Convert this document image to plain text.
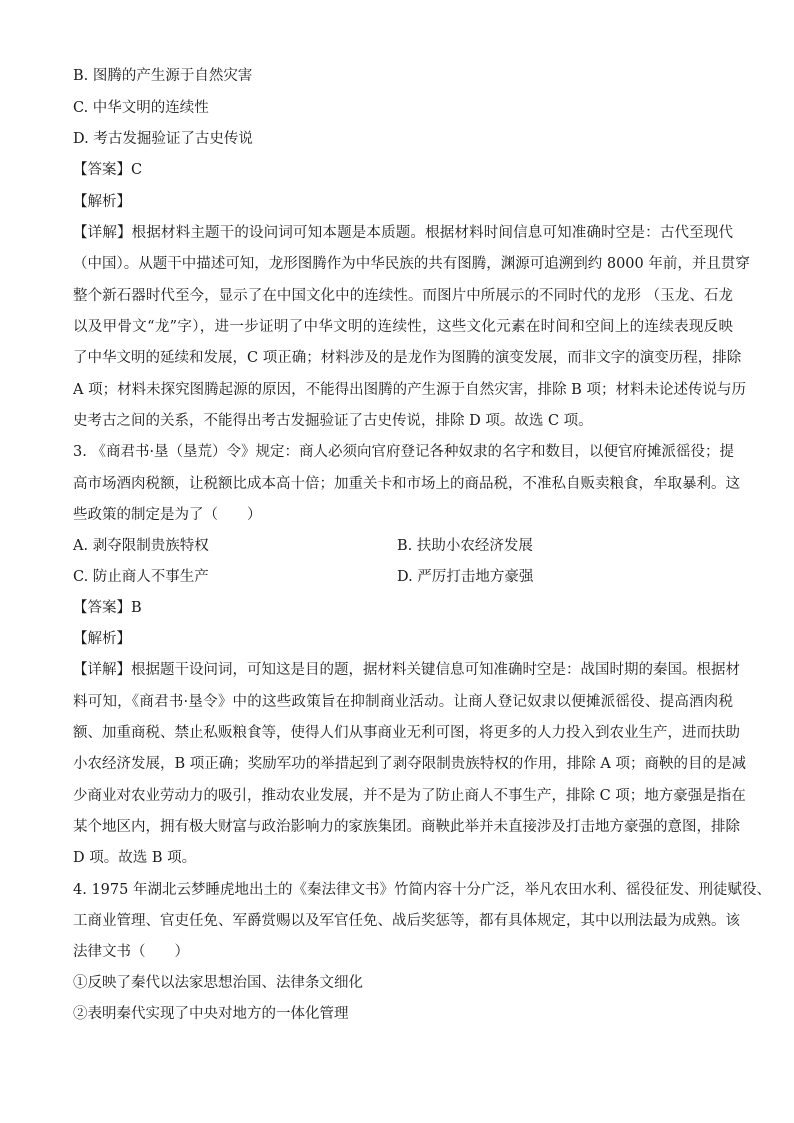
B. 图腾的产生源于自然灾害
C. 中华文明的连续性
D. 考古发掘验证了古史传说
【答案】C
【解析】
【详解】根据材料主题干的设问词可知本题是本质题。根据材料时间信息可知准确时空是：古代至现代
（中国）。从题干中描述可知，龙形图腾作为中华民族的共有图腾，渊源可追溯到约 8000 年前，并且贯穿
整个新石器时代至今，显示了在中国文化中的连续性。而图片中所展示的不同时代的龙形 （玉龙、石龙
以及甲骨文“龙”字），进一步证明了中华文明的连续性，这些文化元素在时间和空间上的连续表现反映
了中华文明的延续和发展，C 项正确；材料涉及的是龙作为图腾的演变发展，而非文字的演变历程，排除
A 项；材料未探究图腾起源的原因，不能得出图腾的产生源于自然灾害，排除 B 项；材料未论述传说与历
史考古之间的关系，不能得出考古发掘验证了古史传说，排除 D 项。故选 C 项。
3. 《商君书·垦（垦荒）令》规定：商人必须向官府登记各种奴隶的名字和数目，以便官府摊派徭役；提
高市场酒肉税额，让税额比成本高十倍；加重关卡和市场上的商品税，不准私自贩卖粮食，牟取暴利。这
些政策的制定是为了（　　）
A. 剥夺限制贵族特权	B. 扶助小农经济发展
C. 防止商人不事生产	D. 严厉打击地方豪强
【答案】B
【解析】
【详解】根据题干设问词，可知这是目的题，据材料关键信息可知准确时空是：战国时期的秦国。根据材
料可知，《商君书·垦令》中的这些政策旨在抑制商业活动。让商人登记奴隶以便摊派徭役、提高酒肉税
额、加重商税、禁止私贩粮食等，使得人们从事商业无利可图，将更多的人力投入到农业生产，进而扶助
小农经济发展，B 项正确；奖励军功的举措起到了剥夺限制贵族特权的作用，排除 A 项；商鞅的目的是减
少商业对农业劳动力的吸引，推动农业发展，并不是为了防止商人不事生产，排除 C 项；地方豪强是指在
某个地区内，拥有极大财富与政治影响力的家族集团。商鞅此举并未直接涉及打击地方豪强的意图，排除
D 项。故选 B 项。
4. 1975 年湖北云梦睡虎地出土的《秦法律文书》竹简内容十分广泛，举凡农田水利、徭役征发、刑徒赋役、
工商业管理、官吏任免、军爵赏赐以及军官任免、战后奖惩等，都有具体规定，其中以刑法最为成熟。该
法律文书（　　）
①反映了秦代以法家思想治国、法律条文细化
②表明秦代实现了中央对地方的一体化管理
